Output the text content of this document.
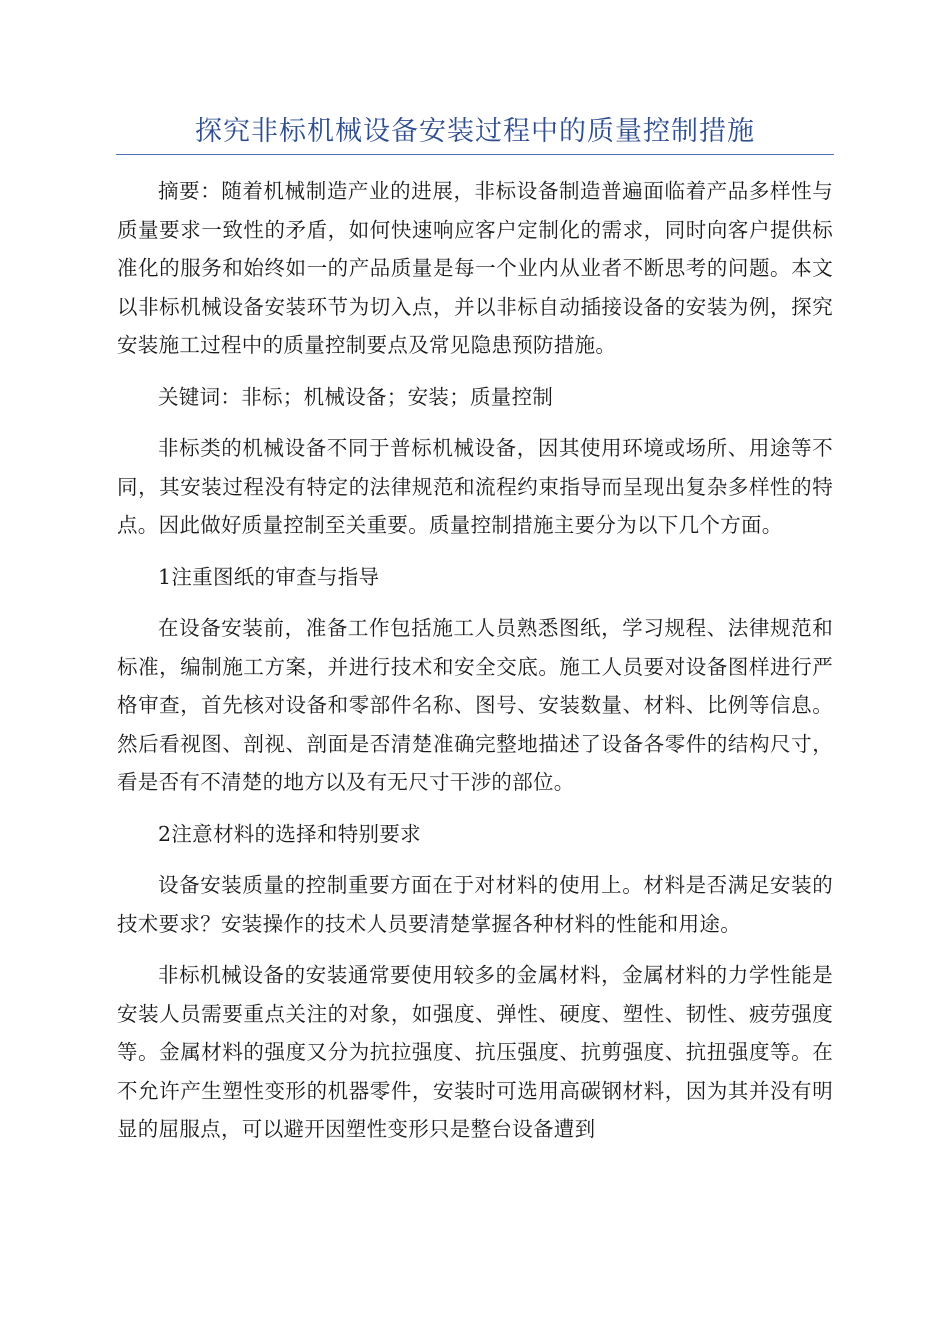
探究非标机械设备安装过程中的质量控制措施

摘要：随着机械制造产业的进展，非标设备制造普遍面临着产品多样性与质量要求一致性的矛盾，如何快速响应客户定制化的需求，同时向客户提供标准化的服务和始终如一的产品质量是每一个业内从业者不断思考的问题。本文以非标机械设备安装环节为切入点，并以非标自动插接设备的安装为例，探究安装施工过程中的质量控制要点及常见隐患预防措施。

关键词：非标；机械设备；安装；质量控制

非标类的机械设备不同于普标机械设备，因其使用环境或场所、用途等不同，其安装过程没有特定的法律规范和流程约束指导而呈现出复杂多样性的特点。因此做好质量控制至关重要。质量控制措施主要分为以下几个方面。

1注重图纸的审查与指导

在设备安装前，准备工作包括施工人员熟悉图纸，学习规程、法律规范和标准，编制施工方案，并进行技术和安全交底。施工人员要对设备图样进行严格审查，首先核对设备和零部件名称、图号、安装数量、材料、比例等信息。然后看视图、剖视、剖面是否清楚准确完整地描述了设备各零件的结构尺寸，看是否有不清楚的地方以及有无尺寸干涉的部位。

2注意材料的选择和特别要求

设备安装质量的控制重要方面在于对材料的使用上。材料是否满足安装的技术要求？安装操作的技术人员要清楚掌握各种材料的性能和用途。

非标机械设备的安装通常要使用较多的金属材料，金属材料的力学性能是安装人员需要重点关注的对象，如强度、弹性、硬度、塑性、韧性、疲劳强度等。金属材料的强度又分为抗拉强度、抗压强度、抗剪强度、抗扭强度等。在不允许产生塑性变形的机器零件，安装时可选用高碳钢材料，因为其并没有明显的屈服点，可以避开因塑性变形只是整台设备遭到
